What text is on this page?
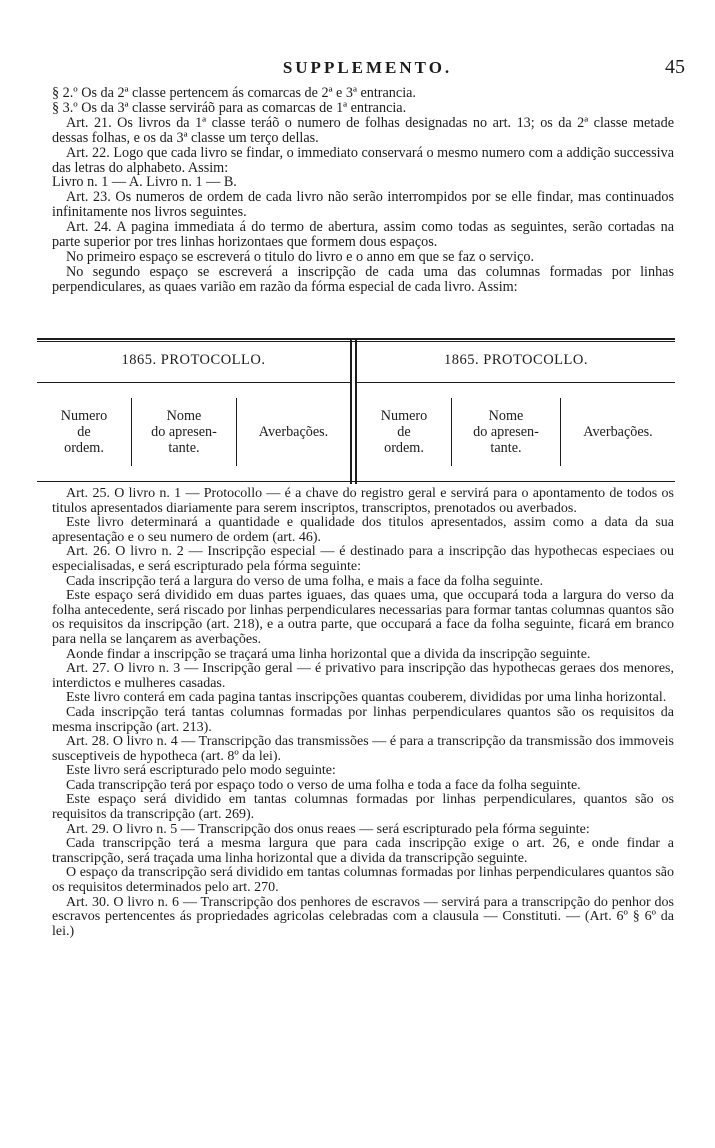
SUPPLEMENTO.	45

§ 2.º Os da 2ª classe pertencem ás comarcas de 2ª e 3ª entrancia.

§ 3.º Os da 3ª classe serviráõ para as comarcas de 1ª entrancia.

Art. 21. Os livros da 1ª classe teráõ o numero de folhas designadas no art. 13; os da 2ª classe metade dessas folhas, e os da 3ª classe um terço dellas.

Art. 22. Logo que cada livro se findar, o immediato conservará o mesmo numero com a addição successiva das letras do alphabeto. Assim:

Livro n. 1 — A. Livro n. 1 — B.

Art. 23. Os numeros de ordem de cada livro não serão interrompidos por se elle findar, mas continuados infinitamente nos livros seguintes.

Art. 24. A pagina immediata á do termo de abertura, assim como todas as seguintes, serão cortadas na parte superior por tres linhas horizontaes que formem dous espaços.

No primeiro espaço se escreverá o titulo do livro e o anno em que se faz o serviço.

No segundo espaço se escreverá a inscripção de cada uma das columnas formadas por linhas perpendiculares, as quaes varião em razão da fórma especial de cada livro. Assim:

1865. PROTOCOLLO.
Numero
de
ordem.
Nome
do apresen-
tante.
Averbações.
1865. PROTOCOLLO.
Numero
de
ordem.
Nome
do apresen-
tante.
Averbações.

Art. 25. O livro n. 1 — Protocollo — é a chave do registro geral e servirá para o apontamento de todos os titulos apresentados diariamente para serem inscriptos, transcriptos, prenotados ou averbados.

Este livro determinará a quantidade e qualidade dos titulos apresentados, assim como a data da sua apresentação e o seu numero de ordem (art. 46).

Art. 26. O livro n. 2 — Inscripção especial — é destinado para a inscripção das hypothecas especiaes ou especialisadas, e será escripturado pela fórma seguinte:

Cada inscripção terá a largura do verso de uma folha, e mais a face da folha seguinte.

Este espaço será dividido em duas partes iguaes, das quaes uma, que occupará toda a largura do verso da folha antecedente, será riscado por linhas perpendiculares necessarias para formar tantas columnas quantos são os requisitos da inscripção (art. 218), e a outra parte, que occupará a face da folha seguinte, ficará em branco para nella se lançarem as averbações.

Aonde findar a inscripção se traçará uma linha horizontal que a divida da inscripção seguinte.

Art. 27. O livro n. 3 — Inscripção geral — é privativo para inscripção das hypothecas geraes dos menores, interdictos e mulheres casadas.

Este livro conterá em cada pagina tantas inscripções quantas couberem, divididas por uma linha horizontal.

Cada inscripção terá tantas columnas formadas por linhas perpendiculares quantos são os requisitos da mesma inscripção (art. 213).

Art. 28. O livro n. 4 — Transcripção das transmissões — é para a transcripção da transmissão dos immoveis susceptiveis de hypotheca (art. 8º da lei).

Este livro será escripturado pelo modo seguinte:

Cada transcripção terá por espaço todo o verso de uma folha e toda a face da folha seguinte.

Este espaço será dividido em tantas columnas formadas por linhas perpendiculares, quantos são os requisitos da transcripção (art. 269).

Art. 29. O livro n. 5 — Transcripção dos onus reaes — será escripturado pela fórma seguinte:

Cada transcripção terá a mesma largura que para cada inscripção exige o art. 26, e onde findar a transcripção, será traçada uma linha horizontal que a divida da transcripção seguinte.

O espaço da transcripção será dividido em tantas columnas formadas por linhas perpendiculares quantos são os requisitos determinados pelo art. 270.

Art. 30. O livro n. 6 — Transcripção dos penhores de escravos — servirá para a transcripção do penhor dos escravos pertencentes ás propriedades agricolas celebradas com a clausula — Constituti. — (Art. 6º § 6º da lei.)
